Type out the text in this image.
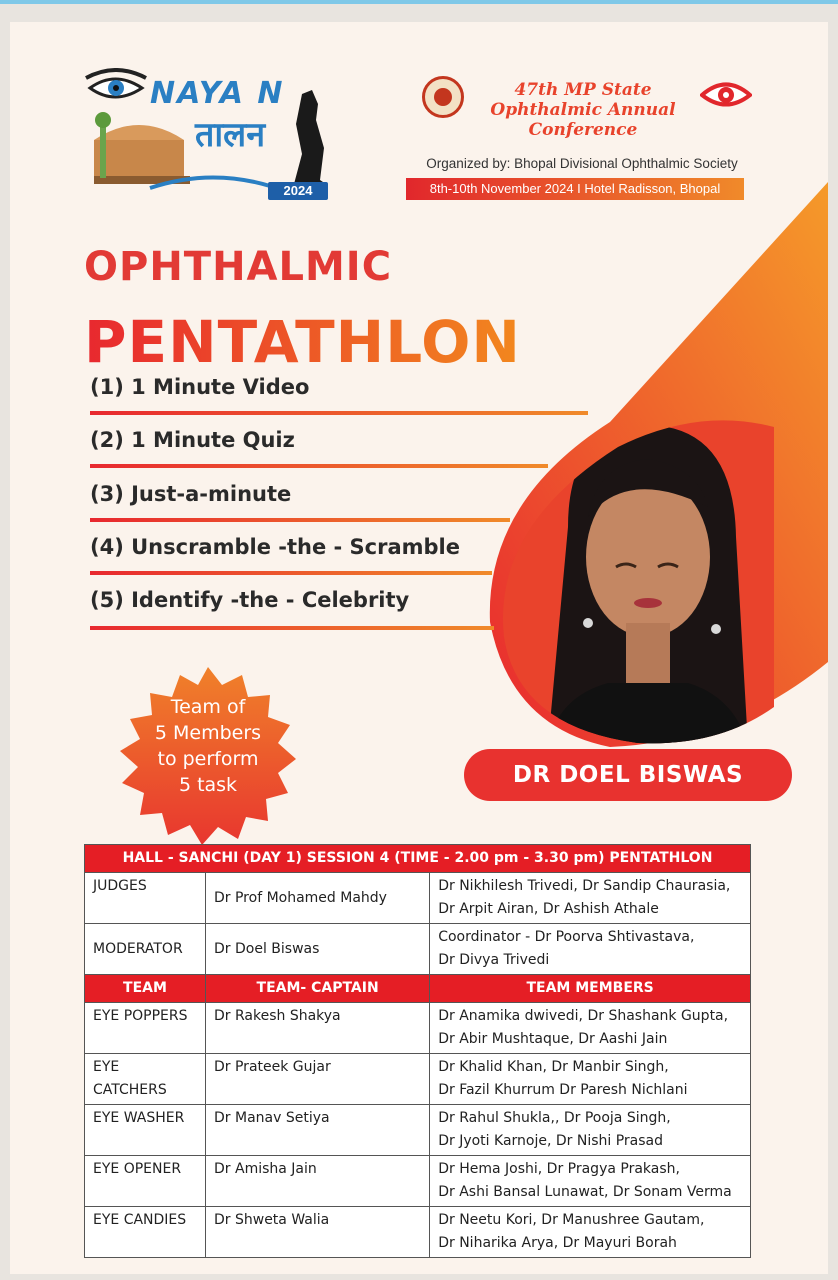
NAYA N
तालन
2024
47th MP State Ophthalmic Annual Conference
Organized by: Bhopal Divisional Ophthalmic Society
8th-10th November 2024 I Hotel Radisson, Bhopal
OPHTHALMIC
PENTATHLON
(1) 1 Minute Video
(2) 1 Minute Quiz
(3) Just-a-minute
(4) Unscramble -the - Scramble
(5) Identify -the - Celebrity
Team of
5 Members
to perform
5 task	DR DOEL BISWAS
HALL - SANCHI (DAY 1) SESSION 4 (TIME - 2.00 pm - 3.30 pm) PENTATHLON		
JUDGES	Dr Prof Mohamed Mahdy	Dr Nikhilesh Trivedi, Dr Sandip Chaurasia,
Dr Arpit Airan, Dr Ashish Athale

MODERATOR	Dr Doel Biswas	Coordinator - Dr Poorva Shtivastava,
Dr Divya Trivedi

TEAM	TEAM- CAPTAIN	TEAM MEMBERS
EYE POPPERS	Dr Rakesh Shakya	Dr Anamika dwivedi, Dr Shashank Gupta,
Dr Abir Mushtaque, Dr Aashi Jain

EYE CATCHERS	Dr Prateek Gujar	Dr Khalid Khan, Dr Manbir Singh,
Dr Fazil Khurrum Dr Paresh Nichlani

EYE WASHER	Dr Manav Setiya	Dr Rahul Shukla,, Dr Pooja Singh,
Dr Jyoti Karnoje, Dr Nishi Prasad

EYE OPENER	Dr Amisha Jain	Dr Hema Joshi, Dr Pragya Prakash,
Dr Ashi Bansal Lunawat, Dr Sonam Verma

EYE CANDIES	Dr Shweta Walia	Dr Neetu Kori, Dr Manushree Gautam,
Dr Niharika Arya, Dr Mayuri Borah
